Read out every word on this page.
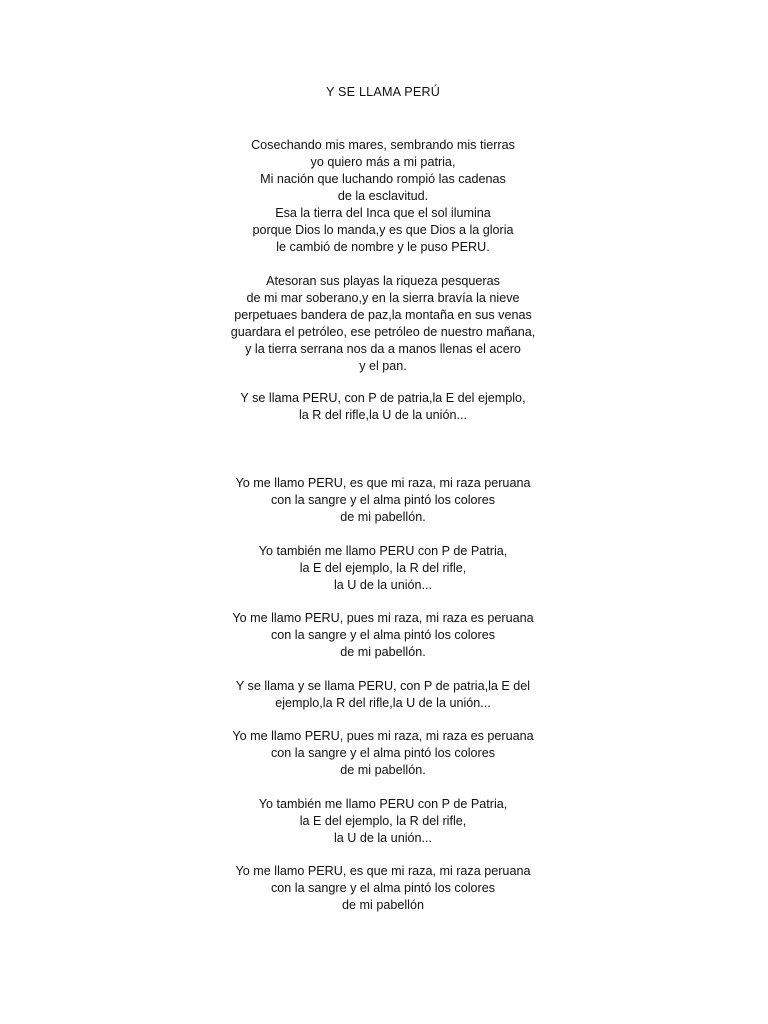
Y SE LLAMA PERÚ
Cosechando mis mares, sembrando mis tierras
yo quiero más a mi patria,
Mi nación que luchando rompió las cadenas
de la esclavitud.
Esa la tierra del Inca que el sol ilumina
porque Dios lo manda,y es que Dios a la gloria
le cambió de nombre y le puso PERU.
Atesoran sus playas la riqueza pesqueras
de mi mar soberano,y en la sierra bravía la nieve
perpetuaes bandera de paz,la montaña en sus venas
guardara el petróleo, ese petróleo de nuestro mañana,
y la tierra serrana nos da a manos llenas el acero
y el pan.
Y se llama PERU, con P de patria,la E del ejemplo,
la R del rifle,la U de la unión...
Yo me llamo PERU, es que mi raza, mi raza peruana
con la sangre y el alma pintó los colores
de mi pabellón.
Yo también me llamo PERU con P de Patria,
la E del ejemplo, la R del rifle,
la U de la unión...
Yo me llamo PERU, pues mi raza, mi raza es peruana
con la sangre y el alma pintó los colores
de mi pabellón.
Y se llama y se llama PERU, con P de patria,la E del
ejemplo,la R del rifle,la U de la unión...
Yo me llamo PERU, pues mi raza, mi raza es peruana
con la sangre y el alma pintó los colores
de mi pabellón.
Yo también me llamo PERU con P de Patria,
la E del ejemplo, la R del rifle,
la U de la unión...
Yo me llamo PERU, es que mi raza, mi raza peruana
con la sangre y el alma pintó los colores
de mi pabellón
